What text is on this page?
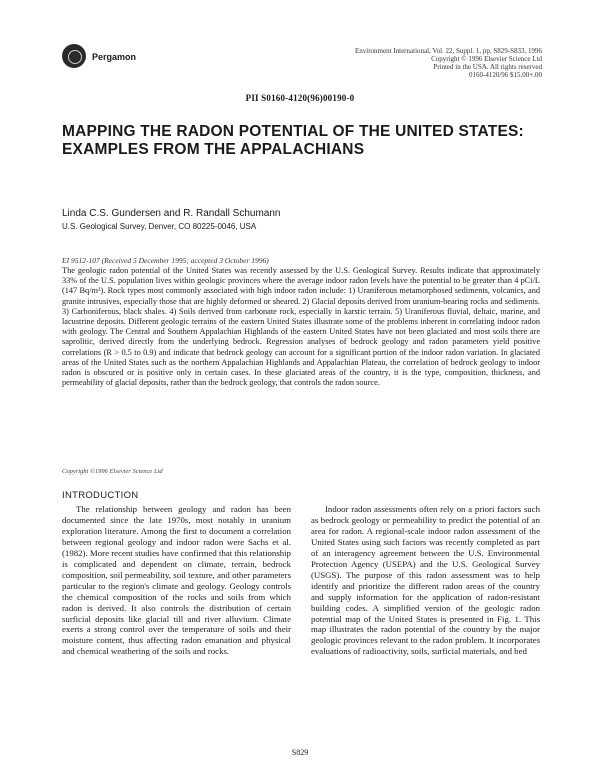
Pergamon
Environment International, Vol. 22, Suppl. 1, pp. S829-S833, 1996
Copyright © 1996 Elsevier Science Ltd
Printed in the USA. All rights reserved
0160-4120/96 $15.00+.00
PII S0160-4120(96)00190-0
MAPPING THE RADON POTENTIAL OF THE UNITED STATES: EXAMPLES FROM THE APPALACHIANS
Linda C.S. Gundersen and R. Randall Schumann
U.S. Geological Survey, Denver, CO 80225-0046, USA
EI 9512-107 (Received 5 December 1995; accepted 3 October 1996)
The geologic radon potential of the United States was recently assessed by the U.S. Geological Survey. Results indicate that approximately 33% of the U.S. population lives within geologic provinces where the average indoor radon levels have the potential to be greater than 4 pCi/L (147 Bq/m³). Rock types most commonly associated with high indoor radon include: 1) Uraniferous metamorphosed sediments, volcanics, and granite intrusives, especially those that are highly deformed or sheared. 2) Glacial deposits derived from uranium-bearing rocks and sediments. 3) Carboniferous, black shales. 4) Soils derived from carbonate rock, especially in karstic terrain. 5) Uraniferous fluvial, deltaic, marine, and lacustrine deposits. Different geologic terrains of the eastern United States illustrate some of the problems inherent in correlating indoor radon with geology. The Central and Southern Appalachian Highlands of the eastern United States have not been glaciated and most soils there are saprolitic, derived directly from the underlying bedrock. Regression analyses of bedrock geology and radon parameters yield positive correlations (R > 0.5 to 0.9) and indicate that bedrock geology can account for a significant portion of the indoor radon variation. In glaciated areas of the United States such as the northern Appalachian Highlands and Appalachian Plateau, the correlation of bedrock geology to indoor radon is obscured or is positive only in certain cases. In these glaciated areas of the country, it is the type, composition, thickness, and permeability of glacial deposits, rather than the bedrock geology, that controls the radon source.
Copyright ©1996 Elsevier Science Ltd
INTRODUCTION
The relationship between geology and radon has been documented since the late 1970s, most notably in uranium exploration literature. Among the first to document a correlation between regional geology and indoor radon were Sachs et al. (1982). More recent studies have confirmed that this relationship is complicated and dependent on climate, terrain, bedrock composition, soil permeability, soil texture, and other parameters particular to the region's climate and geology. Geology controls the chemical composition of the rocks and soils from which radon is derived. It also controls the distribution of certain surficial deposits like glacial till and river alluvium. Climate exerts a strong control over the temperature of soils and their moisture content, thus affecting radon emanation and physical and chemical weathering of the soils and rocks.
Indoor radon assessments often rely on a priori factors such as bedrock geology or permeability to predict the potential of an area for radon. A regional-scale indoor radon assessment of the United States using such factors was recently completed as part of an interagency agreement between the U.S. Environmental Protection Agency (USEPA) and the U.S. Geological Survey (USGS). The purpose of this radon assessment was to help identify and prioritize the different radon areas of the country and supply information for the application of radon-resistant building codes. A simplified version of the geologic radon potential map of the United States is presented in Fig. 1. This map illustrates the radon potential of the country by the major geologic provinces relevant to the radon problem. It incorporates evaluations of radioactivity, soils, surficial materials, and bed
S829
